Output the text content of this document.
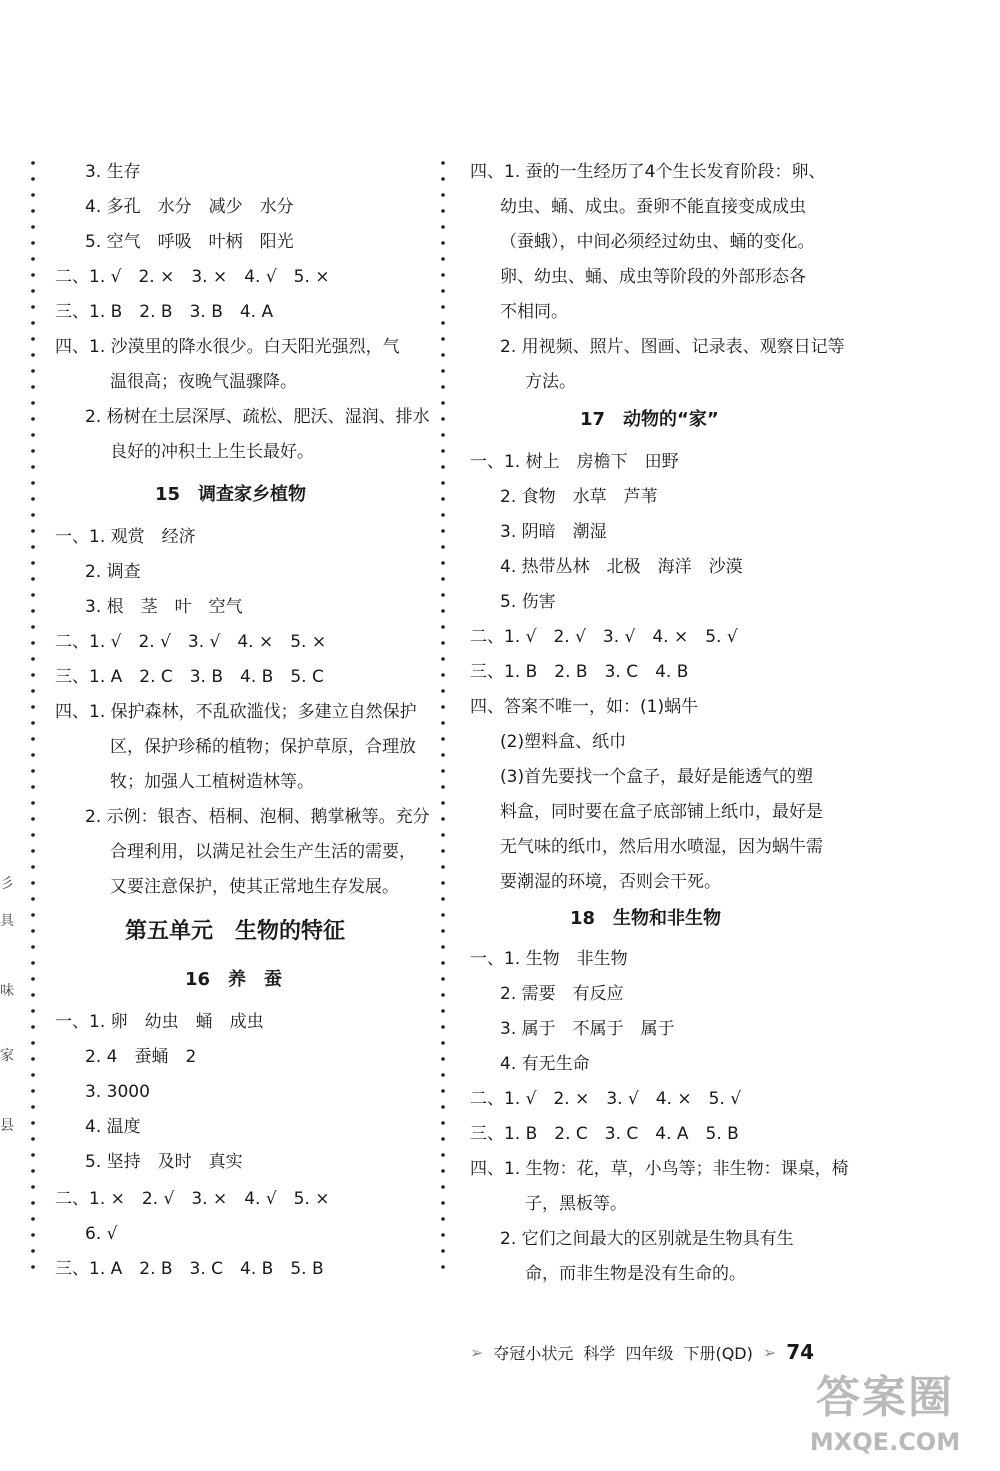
彡
具
味
家
县
3. 生存
4. 多孔　水分　减少　水分
5. 空气　呼吸　叶柄　阳光
二、1. √　2. ×　3. ×　4. √　5. ×
三、1. B　2. B　3. B　4. A
四、1. 沙漠里的降水很少。白天阳光强烈，气
温很高；夜晚气温骤降。
2. 杨树在土层深厚、疏松、肥沃、湿润、排水
良好的冲积土上生长最好。
15　调查家乡植物
一、1. 观赏　经济
2. 调查
3. 根　茎　叶　空气
二、1. √　2. √　3. √　4. ×　5. ×
三、1. A　2. C　3. B　4. B　5. C
四、1. 保护森林，不乱砍滥伐；多建立自然保护
区，保护珍稀的植物；保护草原，合理放
牧；加强人工植树造林等。
2. 示例：银杏、梧桐、泡桐、鹅掌楸等。充分
合理利用，以满足社会生产生活的需要，
又要注意保护，使其正常地生存发展。
第五单元　生物的特征
16　养　蚕
一、1. 卵　幼虫　蛹　成虫
2. 4　蚕蛹　2
3. 3000
4. 温度
5. 坚持　及时　真实
二、1. ×　2. √　3. ×　4. √　5. ×
6. √
三、1. A　2. B　3. C　4. B　5. B
四、1. 蚕的一生经历了4个生长发育阶段：卵、
幼虫、蛹、成虫。蚕卵不能直接变成成虫
（蚕蛾），中间必须经过幼虫、蛹的变化。
卵、幼虫、蛹、成虫等阶段的外部形态各
不相同。
2. 用视频、照片、图画、记录表、观察日记等
方法。
17　动物的“家”
一、1. 树上　房檐下　田野
2. 食物　水草　芦苇
3. 阴暗　潮湿
4. 热带丛林　北极　海洋　沙漠
5. 伤害
二、1. √　2. √　3. √　4. ×　5. √
三、1. B　2. B　3. C　4. B
四、答案不唯一，如：(1)蜗牛
(2)塑料盒、纸巾
(3)首先要找一个盒子，最好是能透气的塑
料盒，同时要在盒子底部铺上纸巾，最好是
无气味的纸巾，然后用水喷湿，因为蜗牛需
要潮湿的环境，否则会干死。
18　生物和非生物
一、1. 生物　非生物
2. 需要　有反应
3. 属于　不属于　属于
4. 有无生命
二、1. √　2. ×　3. √　4. ×　5. √
三、1. B　2. C　3. C　4. A　5. B
四、1. 生物：花，草，小鸟等；非生物：课桌，椅
子，黑板等。
2. 它们之间最大的区别就是生物具有生
命，而非生物是没有生命的。
➢ 夺冠小状元 科学 四年级 下册(QD) ➢ 74
答案圈
MXQE.COM
